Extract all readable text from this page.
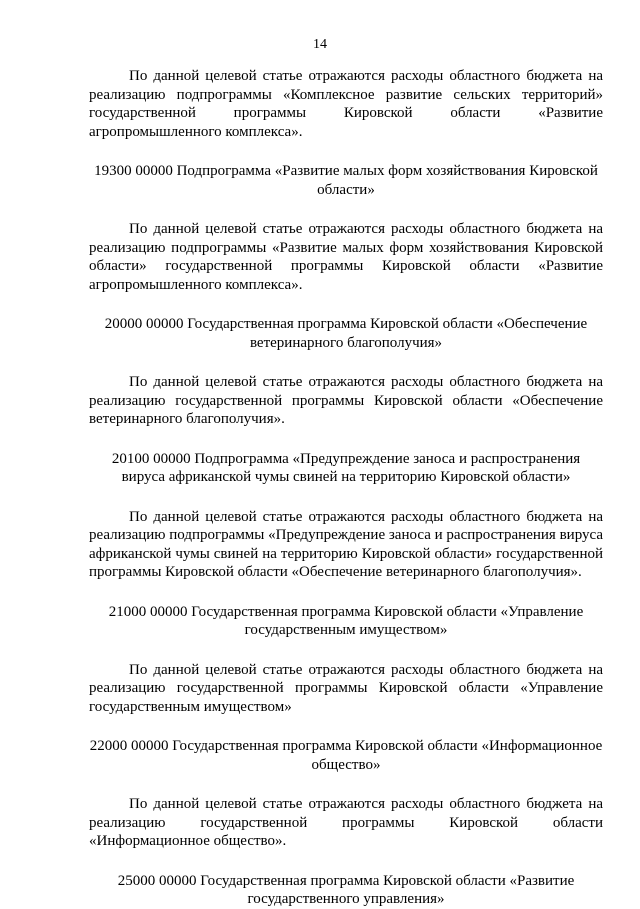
14

По данной целевой статье отражаются расходы областного бюджета на реализацию подпрограммы «Комплексное развитие сельских территорий» государственной программы Кировской области «Развитие агропромышленного комплекса».

19300 00000 Подпрограмма «Развитие малых форм хозяйствования Кировской области»

По данной целевой статье отражаются расходы областного бюджета на реализацию подпрограммы «Развитие малых форм хозяйствования Кировской области» государственной программы Кировской области «Развитие агропромышленного комплекса».

20000 00000 Государственная программа Кировской области «Обеспечение ветеринарного благополучия»

По данной целевой статье отражаются расходы областного бюджета на реализацию государственной программы Кировской области «Обеспечение ветеринарного благополучия».

20100 00000 Подпрограмма «Предупреждение заноса и распространения вируса африканской чумы свиней на территорию Кировской области»

По данной целевой статье отражаются расходы областного бюджета на реализацию подпрограммы «Предупреждение заноса и распространения вируса африканской чумы свиней на территорию Кировской области» государственной программы Кировской области «Обеспечение ветеринарного благополучия».

21000 00000 Государственная программа Кировской области «Управление государственным имуществом»

По данной целевой статье отражаются расходы областного бюджета на реализацию государственной программы Кировской области «Управление государственным имуществом»

22000 00000 Государственная программа Кировской области «Информационное общество»

По данной целевой статье отражаются расходы областного бюджета на реализацию государственной программы Кировской области «Информационное общество».

25000 00000 Государственная программа Кировской области «Развитие государственного управления»
